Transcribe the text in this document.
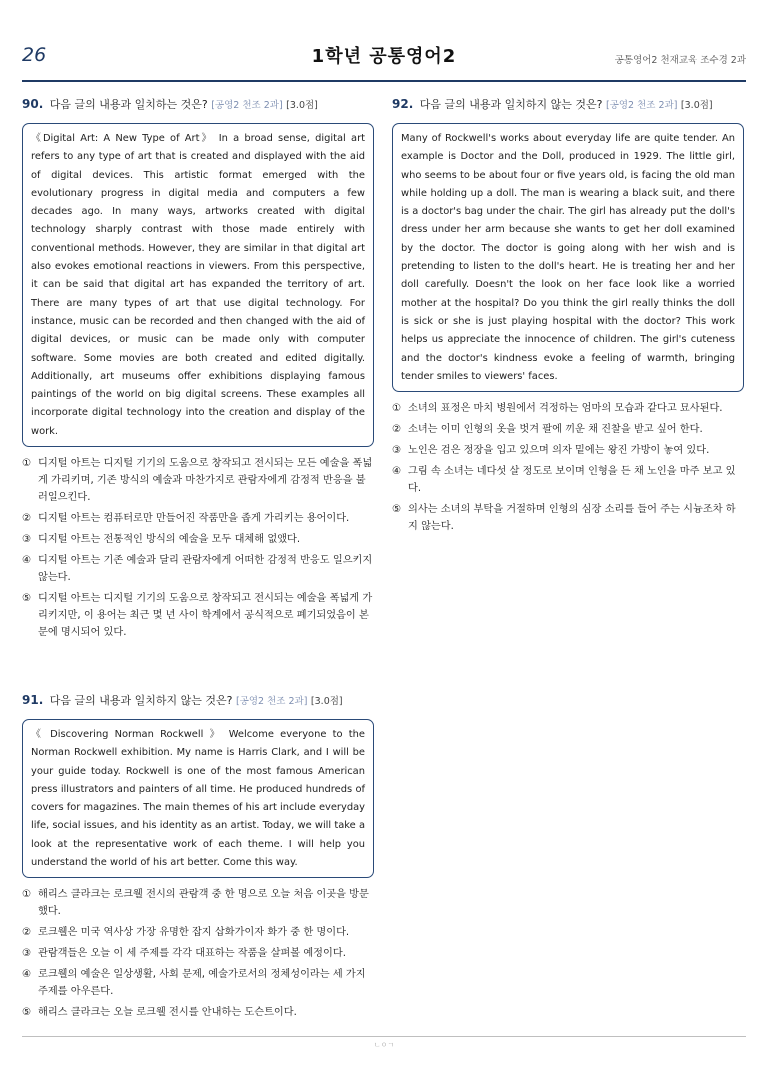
26	1학년 공통영어2	공통영어2 천재교육 조수경 2과
90. 다음 글의 내용과 일치하는 것은? [공영2 천조 2과] [3.0점]
《Digital Art: A New Type of Art》 In a broad sense, digital art refers to any type of art that is created and displayed with the aid of digital devices. This artistic format emerged with the evolutionary progress in digital media and computers a few decades ago. In many ways, artworks created with digital technology sharply contrast with those made entirely with conventional methods. However, they are similar in that digital art also evokes emotional reactions in viewers. From this perspective, it can be said that digital art has expanded the territory of art. There are many types of art that use digital technology. For instance, music can be recorded and then changed with the aid of digital devices, or music can be made only with computer software. Some movies are both created and edited digitally. Additionally, art museums offer exhibitions displaying famous paintings of the world on big digital screens. These examples all incorporate digital technology into the creation and display of the work.
① 디지털 아트는 디지털 기기의 도움으로 창작되고 전시되는 모든 예술을 폭넓게 가리키며, 기존 방식의 예술과 마찬가지로 관람자에게 감정적 반응을 불러일으킨다.
② 디지털 아트는 컴퓨터로만 만들어진 작품만을 좁게 가리키는 용어이다.
③ 디지털 아트는 전통적인 방식의 예술을 모두 대체해 없앴다.
④ 디지털 아트는 기존 예술과 달리 관람자에게 어떠한 감정적 반응도 일으키지 않는다.
⑤ 디지털 아트는 디지털 기기의 도움으로 창작되고 전시되는 예술을 폭넓게 가리키지만, 이 용어는 최근 몇 년 사이 학계에서 공식적으로 폐기되었음이 본문에 명시되어 있다.
91. 다음 글의 내용과 일치하지 않는 것은? [공영2 천조 2과] [3.0점]
《 Discovering Norman Rockwell 》 Welcome everyone to the Norman Rockwell exhibition. My name is Harris Clark, and I will be your guide today. Rockwell is one of the most famous American press illustrators and painters of all time. He produced hundreds of covers for magazines. The main themes of his art include everyday life, social issues, and his identity as an artist. Today, we will take a look at the representative work of each theme. I will help you understand the world of his art better. Come this way.
① 해리스 클라크는 로크웰 전시의 관람객 중 한 명으로 오늘 처음 이곳을 방문했다.
② 로크웰은 미국 역사상 가장 유명한 잡지 삽화가이자 화가 중 한 명이다.
③ 관람객들은 오늘 이 세 주제를 각각 대표하는 작품을 살펴볼 예정이다.
④ 로크웰의 예술은 일상생활, 사회 문제, 예술가로서의 정체성이라는 세 가지 주제를 아우른다.
⑤ 해리스 클라크는 오늘 로크웰 전시를 안내하는 도슨트이다.
92. 다음 글의 내용과 일치하지 않는 것은? [공영2 천조 2과] [3.0점]
Many of Rockwell's works about everyday life are quite tender. An example is Doctor and the Doll, produced in 1929. The little girl, who seems to be about four or five years old, is facing the old man while holding up a doll. The man is wearing a black suit, and there is a doctor's bag under the chair. The girl has already put the doll's dress under her arm because she wants to get her doll examined by the doctor. The doctor is going along with her wish and is pretending to listen to the doll's heart. He is treating her and her doll carefully. Doesn't the look on her face look like a worried mother at the hospital? Do you think the girl really thinks the doll is sick or she is just playing hospital with the doctor? This work helps us appreciate the innocence of children. The girl's cuteness and the doctor's kindness evoke a feeling of warmth, bringing tender smiles to viewers' faces.
① 소녀의 표정은 마치 병원에서 걱정하는 엄마의 모습과 같다고 묘사된다.
② 소녀는 이미 인형의 옷을 벗겨 팔에 끼운 채 진찰을 받고 싶어 한다.
③ 노인은 검은 정장을 입고 있으며 의자 밑에는 왕진 가방이 놓여 있다.
④ 그림 속 소녀는 네다섯 살 정도로 보이며 인형을 든 채 노인을 마주 보고 있다.
⑤ 의사는 소녀의 부탁을 거절하며 인형의 심장 소리를 들어 주는 시늉조차 하지 않는다.
ㄴㅇㄱ
